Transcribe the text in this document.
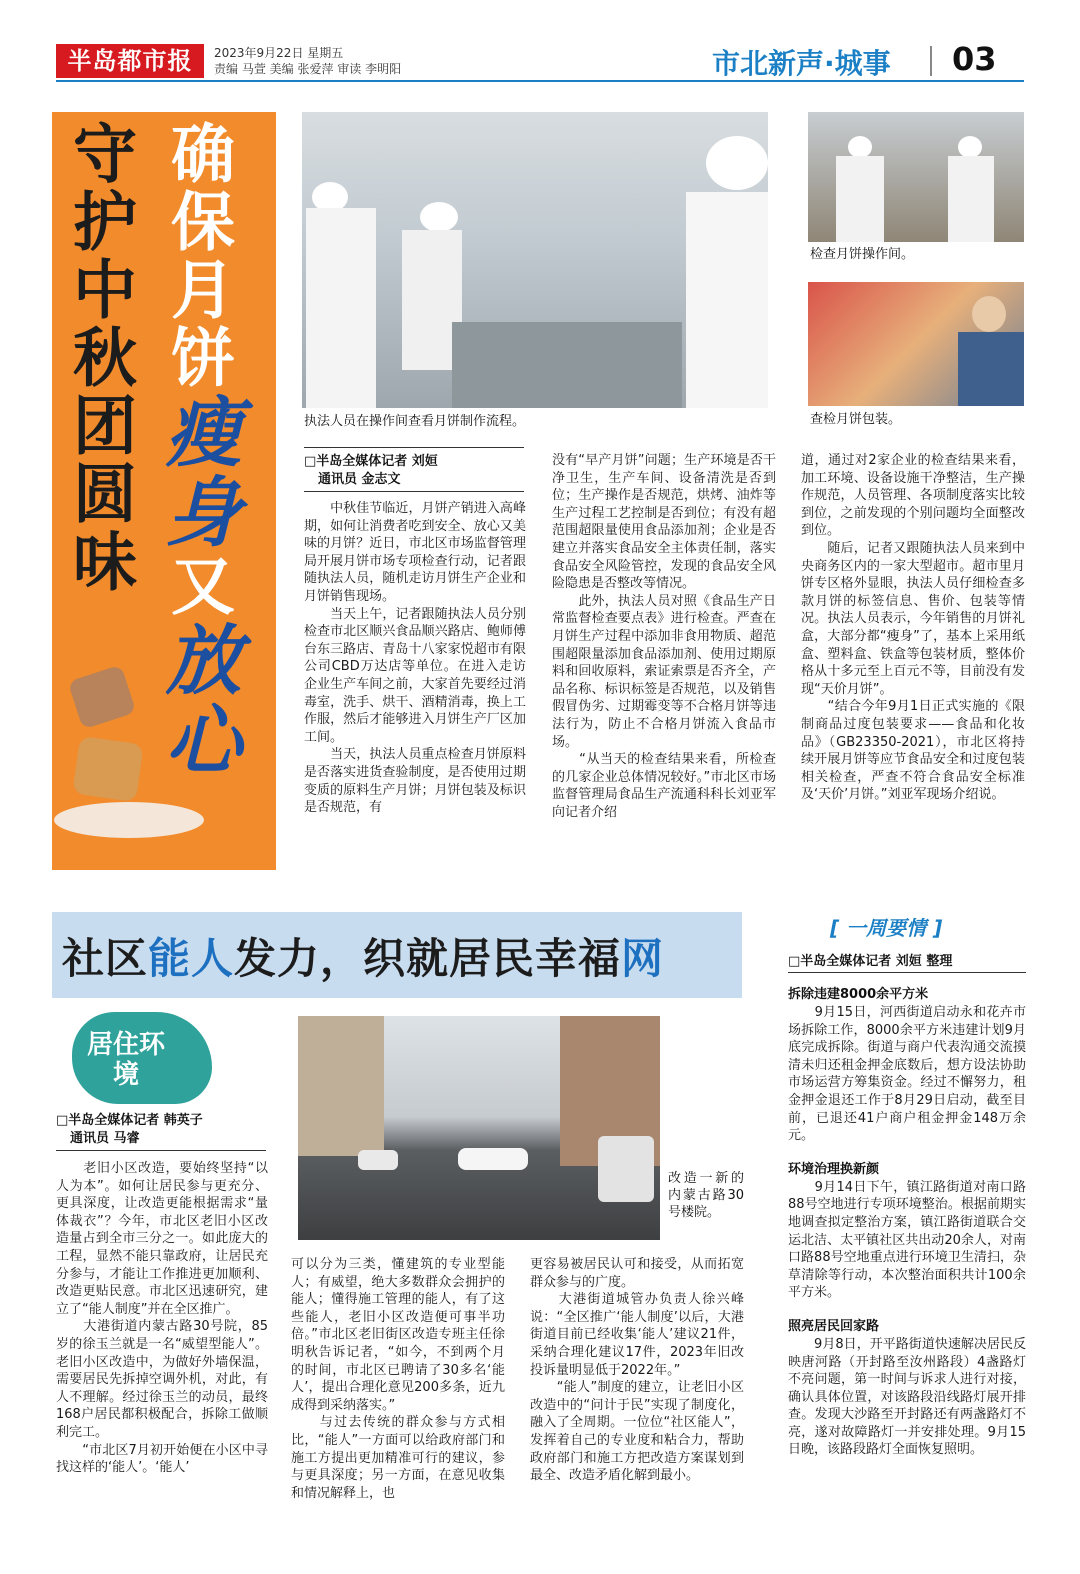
半岛都市报	2023年9月22日 星期五
责编 马萱 美编 张爱萍 审读 李明阳	市北新声·城事	03
守护中秋团圆味 确保月饼瘦身又放心
执法人员在操作间查看月饼制作流程。
检查月饼操作间。
查检月饼包装。
□半岛全媒体记者 刘姮
通讯员 金志文
　　中秋佳节临近，月饼产销进入高峰期，如何让消费者吃到安全、放心又美味的月饼？近日，市北区市场监督管理局开展月饼市场专项检查行动，记者跟随执法人员，随机走访月饼生产企业和月饼销售现场。
　　当天上午，记者跟随执法人员分别检查市北区顺兴食品顺兴路店、鲍师傅台东三路店、青岛十八家家悦超市有限公司CBD万达店等单位。在进入走访企业生产车间之前，大家首先要经过消毒室，洗手、烘干、酒精消毒，换上工作服，然后才能够进入月饼生产厂区加工间。
　　当天，执法人员重点检查月饼原料是否落实进货查验制度，是否使用过期变质的原料生产月饼；月饼包装及标识是否规范，有
没有“早产月饼”问题；生产环境是否干净卫生，生产车间、设备清洗是否到位；生产操作是否规范，烘烤、油炸等生产过程工艺控制是否到位；有没有超范围超限量使用食品添加剂；企业是否建立并落实食品安全主体责任制，落实食品安全风险管控，发现的食品安全风险隐患是否整改等情况。
　　此外，执法人员对照《食品生产日常监督检查要点表》进行检查。严查在月饼生产过程中添加非食用物质、超范围超限量添加食品添加剂、使用过期原料和回收原料，索证索票是否齐全，产品名称、标识标签是否规范，以及销售假冒伪劣、过期霉变等不合格月饼等违法行为，防止不合格月饼流入食品市场。
　　“从当天的检查结果来看，所检查的几家企业总体情况较好。”市北区市场监督管理局食品生产流通科科长刘亚军向记者介绍
道，通过对2家企业的检查结果来看，加工环境、设备设施干净整洁，生产操作规范，人员管理、各项制度落实比较到位，之前发现的个别问题均全面整改到位。
　　随后，记者又跟随执法人员来到中央商务区内的一家大型超市。超市里月饼专区格外显眼，执法人员仔细检查多款月饼的标签信息、售价、包装等情况。执法人员表示，今年销售的月饼礼盒，大部分都“瘦身”了，基本上采用纸盒、塑料盒、铁盒等包装材质，整体价格从十多元至上百元不等，目前没有发现“天价月饼”。
　　“结合今年9月1日正式实施的《限制商品过度包装要求——食品和化妆品》（GB23350-2021），市北区将持续开展月饼等应节食品安全和过度包装相关检查，严查不符合食品安全标准及‘天价’月饼。”刘亚军现场介绍说。
社区能人发力，织就居民幸福网
[ 一周要情 ]
□半岛全媒体记者 刘姮 整理
拆除违建8000余平方米
　　9月15日，河西街道启动永和花卉市场拆除工作，8000余平方米违建计划9月底完成拆除。街道与商户代表沟通交流摸清未归还租金押金底数后，想方设法协助市场运营方筹集资金。经过不懈努力，租金押金退还工作于8月29日启动，截至目前，已退还41户商户租金押金148万余元。
环境治理换新颜
　　9月14日下午，镇江路街道对南口路88号空地进行专项环境整治。根据前期实地调查拟定整治方案，镇江路街道联合交运北洁、太平镇社区共出动20余人，对南口路88号空地重点进行环境卫生清扫，杂草清除等行动，本次整治面积共计100余平方米。
照亮居民回家路
　　9月8日，开平路街道快速解决居民反映唐河路（开封路至汝州路段）4盏路灯不亮问题，第一时间与诉求人进行对接，确认具体位置，对该路段沿线路灯展开排查。发现大沙路至开封路还有两盏路灯不亮，遂对故障路灯一并安排处理。9月15日晚，该路段路灯全面恢复照明。
居住环境
□半岛全媒体记者 韩英子
通讯员 马睿
　　老旧小区改造，要始终坚持“以人为本”。如何让居民参与更充分、更具深度，让改造更能根据需求“量体裁衣”？今年，市北区老旧小区改造量占到全市三分之一。如此庞大的工程，显然不能只靠政府，让居民充分参与，才能让工作推进更加顺利、改造更贴民意。市北区迅速研究，建立了“能人制度”并在全区推广。
　　大港街道内蒙古路30号院，85岁的徐玉兰就是一名“威望型能人”。老旧小区改造中，为做好外墙保温，需要居民先拆掉空调外机，对此，有人不理解。经过徐玉兰的动员，最终168户居民都积极配合，拆除工做顺利完工。
　　“市北区7月初开始便在小区中寻找这样的‘能人’。‘能人’
改造一新的内蒙古路30号楼院。
可以分为三类，懂建筑的专业型能人；有威望，绝大多数群众会拥护的能人；懂得施工管理的能人，有了这些能人，老旧小区改造便可事半功倍。”市北区老旧街区改造专班主任徐明秋告诉记者，“如今，不到两个月的时间，市北区已聘请了30多名‘能人’，提出合理化意见200多条，近九成得到采纳落实。”
　　与过去传统的群众参与方式相比，“能人”一方面可以给政府部门和施工方提出更加精准可行的建议，参与更具深度；另一方面，在意见收集和情况解释上，也
更容易被居民认可和接受，从而拓宽群众参与的广度。
　　大港街道城管办负责人徐兴峰说：“全区推广‘能人制度’以后，大港街道目前已经收集‘能人’建议21件，采纳合理化建议17件，2023年旧改投诉量明显低于2022年。”
　　“能人”制度的建立，让老旧小区改造中的“问计于民”实现了制度化，融入了全周期。一位位“社区能人”，发挥着自己的专业度和粘合力，帮助政府部门和施工方把改造方案谋划到最全、改造矛盾化解到最小。
